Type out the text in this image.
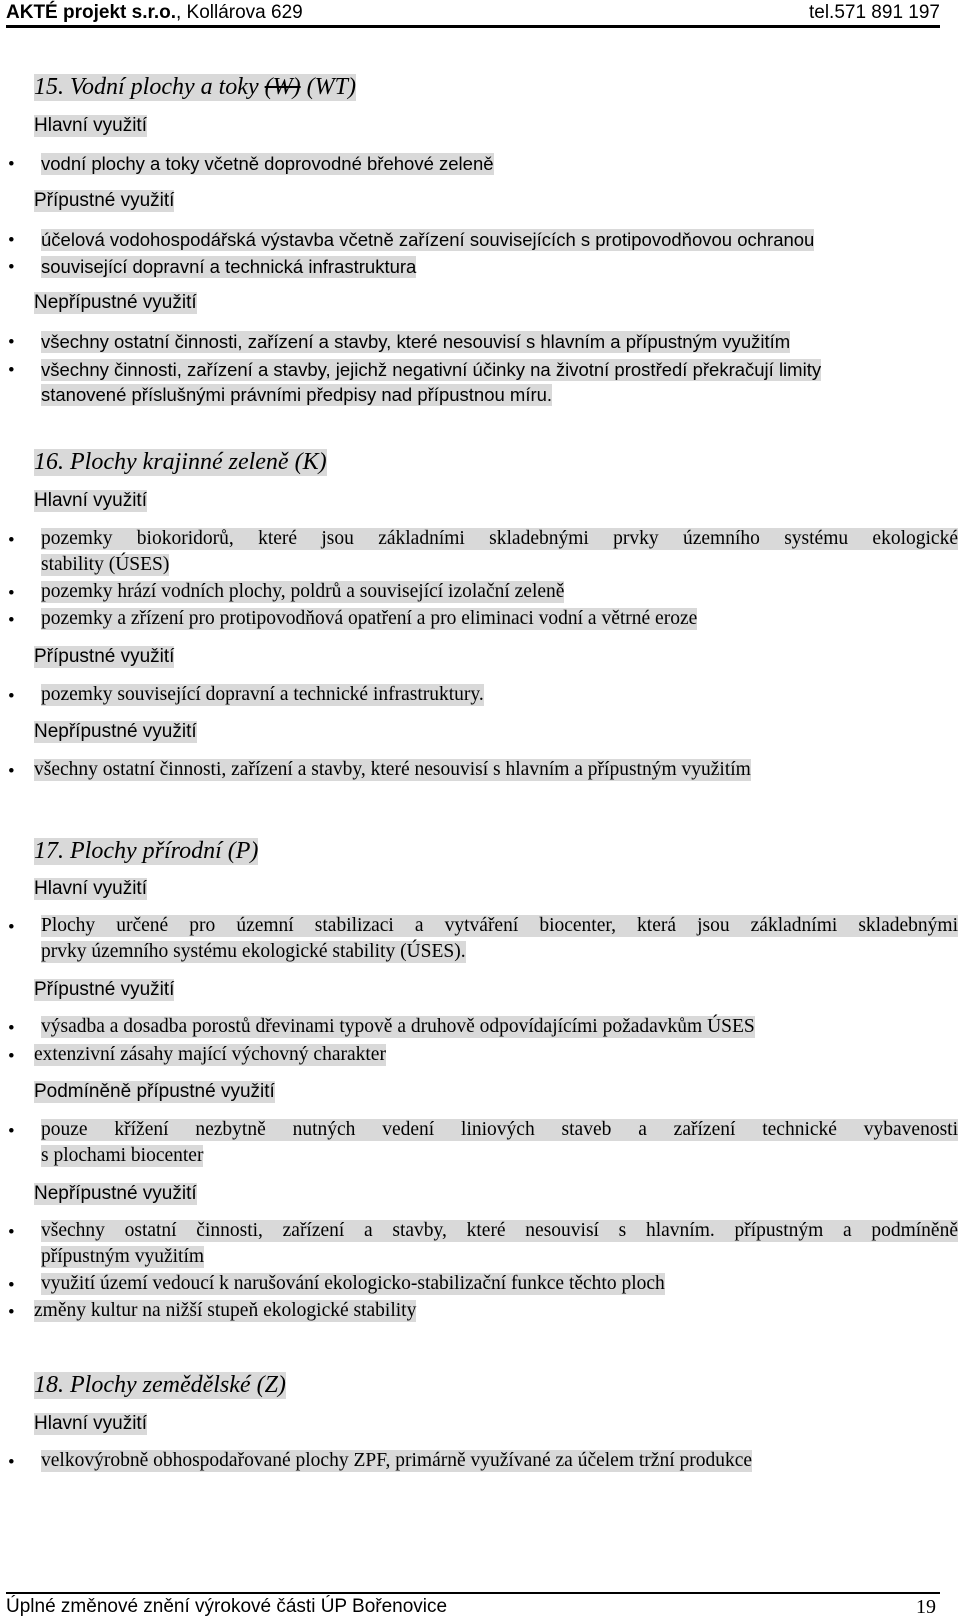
AKTÉ projekt s.r.o., Kollárova 629	tel.571 891 197
15. Vodní plochy a toky (W) (WT)
Hlavní využití
• vodní plochy a toky včetně doprovodné břehové zeleně
Přípustné využití
• účelová vodohospodářská výstavba včetně zařízení souvisejících s protipovodňovou ochranou
• související dopravní a technická infrastruktura
Nepřípustné využití
• všechny ostatní činnosti, zařízení a stavby, které nesouvisí s hlavním a přípustným využitím
• všechny činnosti, zařízení a stavby, jejichž negativní účinky na životní prostředí překračují limity
stanovené příslušnými právními předpisy nad přípustnou míru.
16. Plochy krajinné zeleně (K)
Hlavní využití
• pozemky biokoridorů, které jsou základními skladebnými prvky územního systému ekologické
stability (ÚSES)
• pozemky hrází vodních plochy, poldrů a související izolační zeleně
• pozemky a zřízení pro protipovodňová opatření a pro eliminaci vodní a větrné eroze
Přípustné využití
• pozemky související dopravní a technické infrastruktury.
Nepřípustné využití
• všechny ostatní činnosti, zařízení a stavby, které nesouvisí s hlavním a přípustným využitím
17. Plochy přírodní (P)
Hlavní využití
• Plochy určené pro územní stabilizaci a vytváření biocenter, která jsou základními skladebnými
prvky územního systému ekologické stability (ÚSES).
Přípustné využití
• výsadba a dosadba porostů dřevinami typově a druhově odpovídajícími požadavkům ÚSES
• extenzivní zásahy mající výchovný charakter
Podmíněně přípustné využití
• pouze křížení nezbytně nutných vedení liniových staveb a zařízení technické vybavenosti
s plochami biocenter
Nepřípustné využití
• všechny ostatní činnosti, zařízení a stavby, které nesouvisí s hlavním. přípustným a podmíněně
přípustným využitím
• využití území vedoucí k narušování ekologicko-stabilizační funkce těchto ploch
• změny kultur na nižší stupeň ekologické stability
18. Plochy zemědělské (Z)
Hlavní využití
• velkovýrobně obhospodařované plochy ZPF, primárně využívané za účelem tržní produkce
Úplné změnové znění výrokové části ÚP Bořenovice	19
